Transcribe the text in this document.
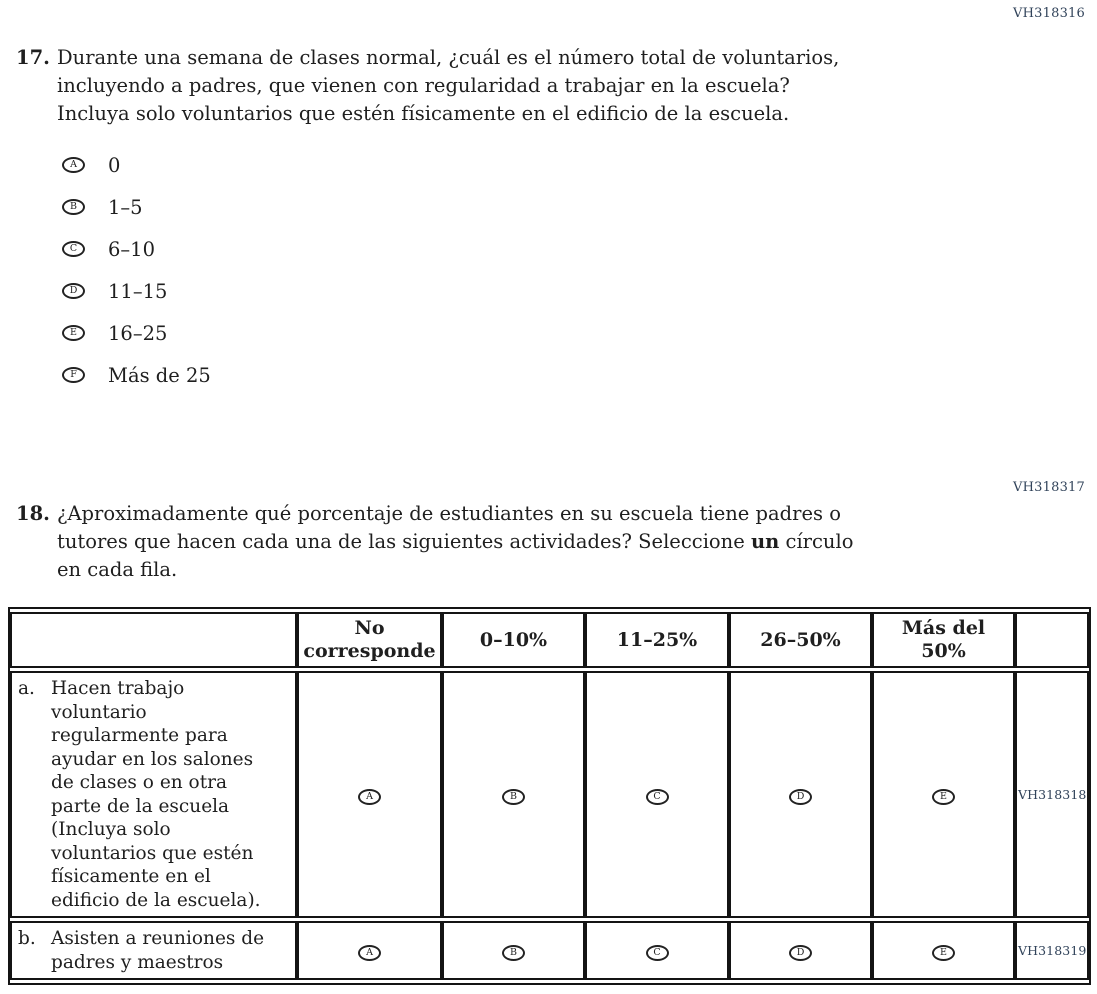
VH318316
17. Durante una semana de clases normal, ¿cuál es el número total de voluntarios, incluyendo a padres, que vienen con regularidad a trabajar en la escuela? Incluya solo voluntarios que estén físicamente en el edificio de la escuela.

A	0
B	1–5
C	6–10
D	11–15
E	16–25
F	Más de 25
VH318317
18. ¿Aproximadamente qué porcentaje de estudiantes en su escuela tiene padres o tutores que hacen cada una de las siguientes actividades? Seleccione un círculo en cada fila.

	No corresponde	0–10%	11–25%	26–50%	Más del 50%	

a. Hacen trabajo voluntario regularmente para ayudar en los salones de clases o en otra parte de la escuela (Incluya solo voluntarios que estén físicamente en el edificio de la escuela).	A	B	C	D	E	VH318318

b. Asisten a reuniones de padres y maestros	A	B	C	D	E	VH318319
